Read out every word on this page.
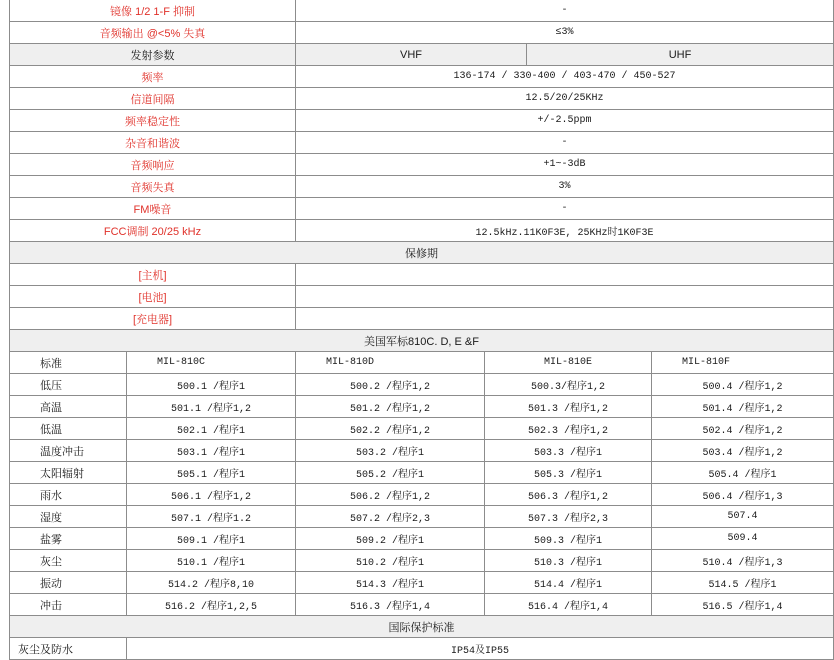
镜像 1/2 1-F 抑制		-			
音频输出 @<5% 失真		≤3%			
发射参数		VHF		UHF	
频率		136-174 / 330-400 / 403-470 / 450-527			
信道间隔		12.5/20/25KHz			
频率稳定性		+/-2.5ppm			
杂音和谐波		-			
音频响应		+1~-3dB			
音频失真		3%			
FM噪音		-			
FCC调制 20/25 kHz		12.5kHz.11K0F3E, 25KHz时1K0F3E			
保修期					
[主机]					
[电池]					
[充电器]					
美国军标810C. D, E &F					
标准	MIL-810C	MIL-810D	MIL-810E		MIL-810F
低压	500.1 /程序1	500.2 /程序1,2	500.3/程序1,2		500.4 /程序1,2
高温	501.1 /程序1,2	501.2 /程序1,2	501.3 /程序1,2		501.4 /程序1,2
低温	502.1 /程序1	502.2 /程序1,2	502.3 /程序1,2		502.4 /程序1,2
温度冲击	503.1 /程序1	503.2 /程序1	503.3 /程序1		503.4 /程序1,2
太阳辐射	505.1 /程序1	505.2 /程序1	505.3 /程序1		505.4 /程序1
雨水	506.1 /程序1,2	506.2 /程序1,2	506.3 /程序1,2		506.4 /程序1,3
湿度	507.1 /程序1.2	507.2 /程序2,3	507.3 /程序2,3		507.4
盐雾	509.1 /程序1	509.2 /程序1	509.3 /程序1		509.4
灰尘	510.1 /程序1	510.2 /程序1	510.3 /程序1		510.4 /程序1,3
振动	514.2 /程序8,10	514.3 /程序1	514.4 /程序1		514.5 /程序1
冲击	516.2 /程序1,2,5	516.3 /程序1,4	516.4 /程序1,4		516.5 /程序1,4
国际保护标准					
灰尘及防水	IP54及IP55				
